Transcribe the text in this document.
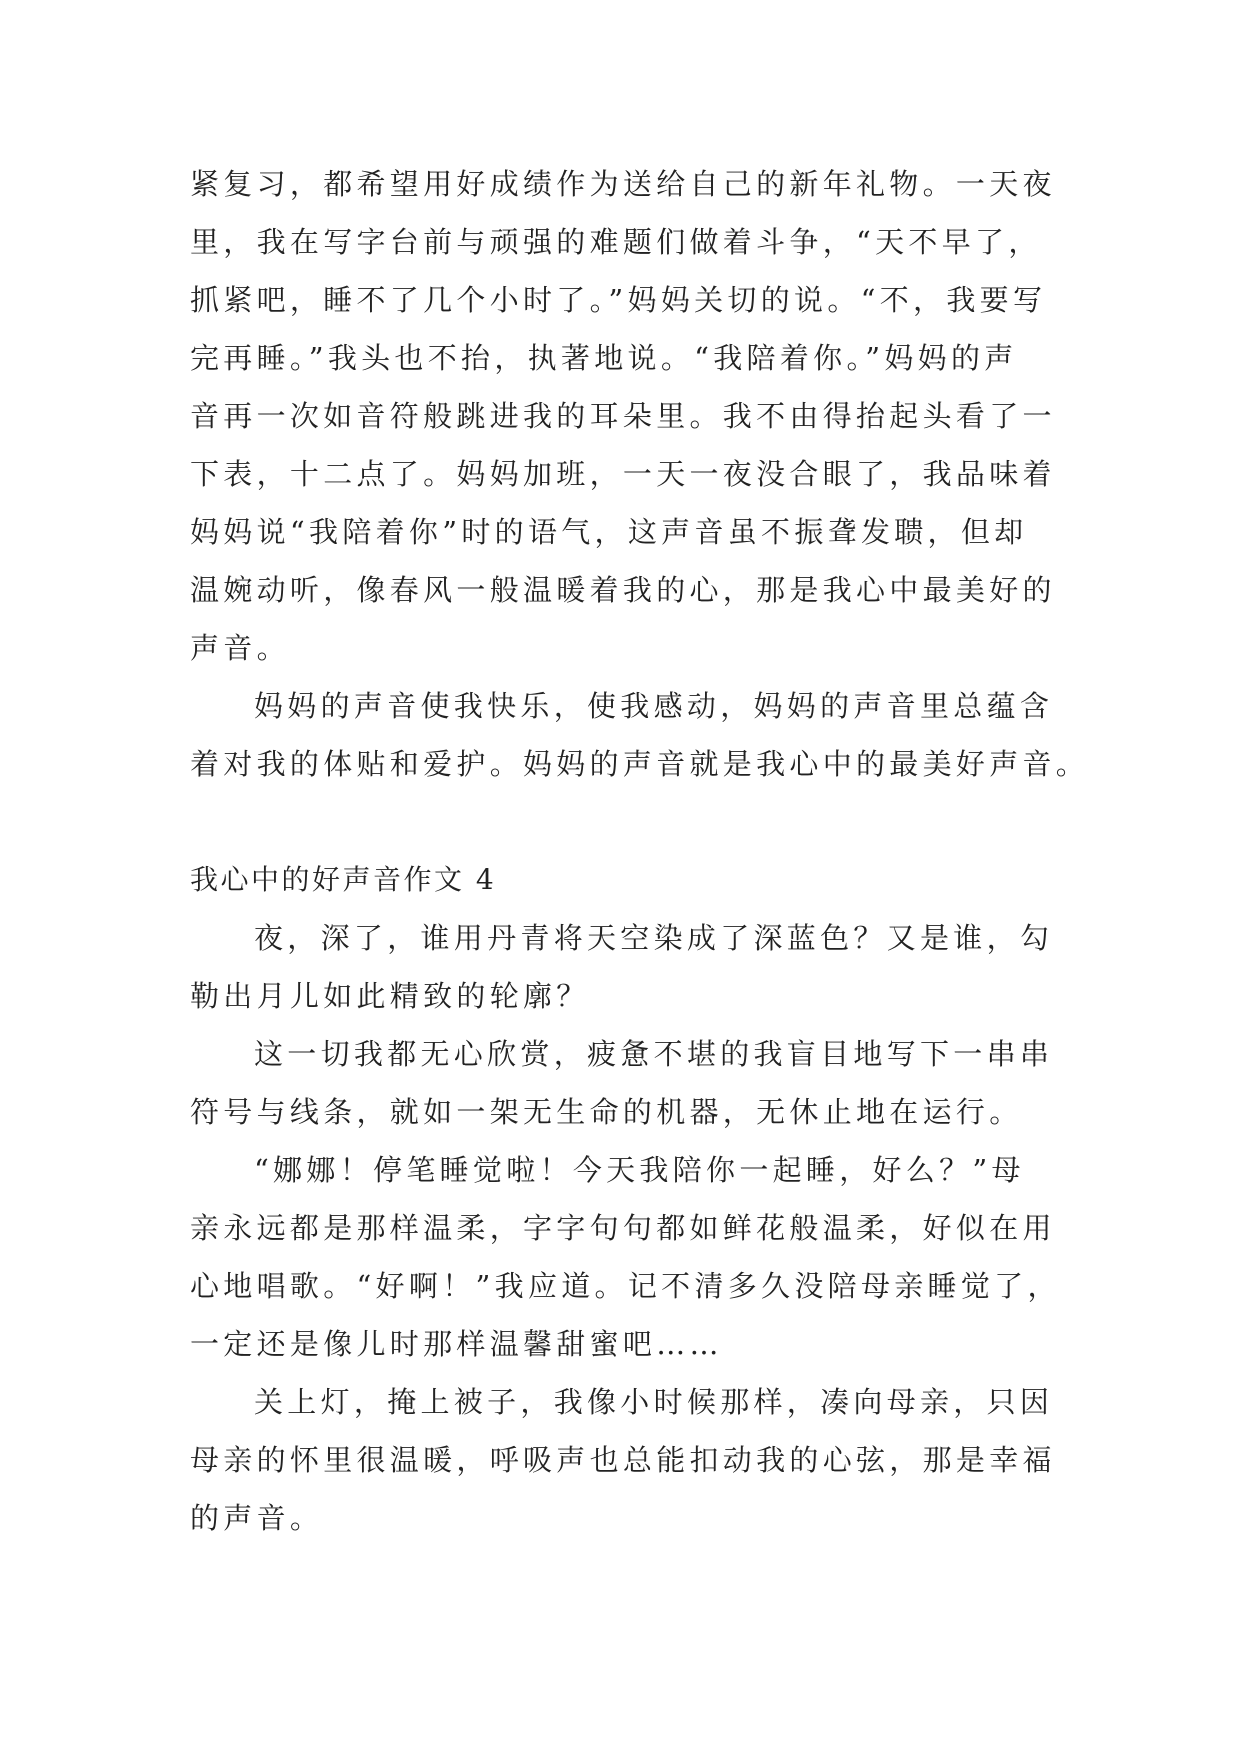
紧复习，都希望用好成绩作为送给自己的新年礼物。一天夜
里，我在写字台前与顽强的难题们做着斗争，“天不早了，
抓紧吧，睡不了几个小时了。”妈妈关切的说。“不，我要写
完再睡。”我头也不抬，执著地说。“我陪着你。”妈妈的声
音再一次如音符般跳进我的耳朵里。我不由得抬起头看了一
下表，十二点了。妈妈加班，一天一夜没合眼了，我品味着
妈妈说“我陪着你”时的语气，这声音虽不振聋发聩，但却
温婉动听，像春风一般温暖着我的心，那是我心中最美好的
声音。
妈妈的声音使我快乐，使我感动，妈妈的声音里总蕴含
着对我的体贴和爱护。妈妈的声音就是我心中的最美好声音。
我心中的好声音作文 4
夜，深了，谁用丹青将天空染成了深蓝色？又是谁，勾
勒出月儿如此精致的轮廓？
这一切我都无心欣赏，疲惫不堪的我盲目地写下一串串
符号与线条，就如一架无生命的机器，无休止地在运行。
“娜娜！停笔睡觉啦！今天我陪你一起睡，好么？”母
亲永远都是那样温柔，字字句句都如鲜花般温柔，好似在用
心地唱歌。“好啊！”我应道。记不清多久没陪母亲睡觉了，
一定还是像儿时那样温馨甜蜜吧……
关上灯，掩上被子，我像小时候那样，凑向母亲，只因
母亲的怀里很温暖，呼吸声也总能扣动我的心弦，那是幸福
的声音。
